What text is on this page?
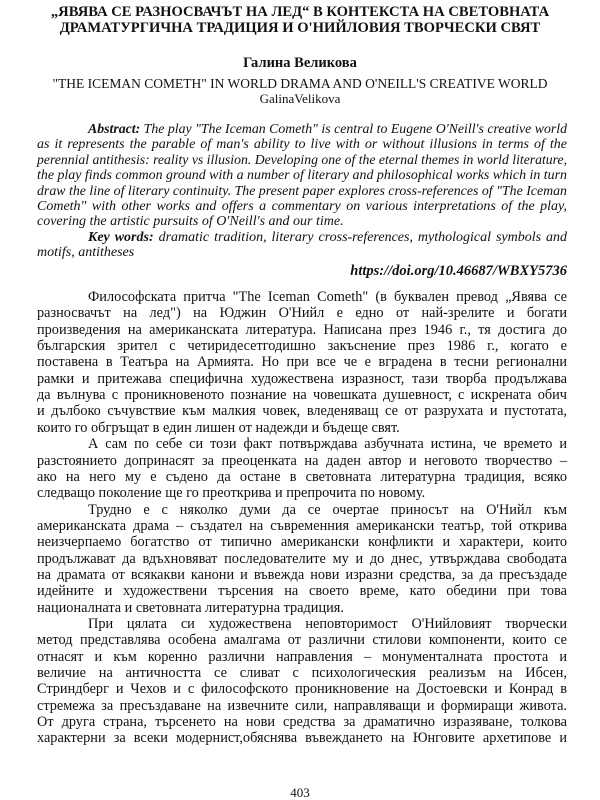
„ЯВЯВА СЕ РАЗНОСВАЧЪТ НА ЛЕД“ В КОНТЕКСТА НА СВЕТОВНАТА
ДРАМАТУРГИЧНА ТРАДИЦИЯ И О'НИЙЛОВИЯ ТВОРЧЕСКИ СВЯТ
Галина Великова
"THE ICEMAN COMETH" IN WORLD DRAMA AND O'NEILL'S CREATIVE WORLD
GalinaVelikova
Abstract: The play "The Iceman Cometh" is central to Eugene O'Neill's creative world
as it represents the parable of man's ability to live with or without illusions in terms of the
perennial antithesis: reality vs illusion. Developing one of the eternal themes in world literature,
the play finds common ground with a number of literary and philosophical works which in turn
draw the line of literary continuity. The present paper explores cross-references of "The Iceman
Cometh" with other works and offers a commentary on various interpretations of the play,
covering the artistic pursuits of O'Neill's and our time.
Key words: dramatic tradition, literary cross-references, mythological symbols and
motifs, antitheses
https://doi.org/10.46687/WBXY5736
Философската притча "The Iceman Cometh" (в буквален превод „Явява се
разносвачът на лед") на Юджин О'Нийл е едно от най-зрелите и богати
произведения на американската литература. Написана през 1946 г., тя достига до
българския зрител с четиридесетгодишно закъснение през 1986 г., когато е
поставена в Театъра на Армията. Но при все че е вградена в тесни регионални
рамки и притежава специфична художествена изразност, тази творба продължава
да вълнува с проникновеното познание на човешката душевност, с искрената обич
и дълбоко съчувствие към малкия човек, вледеняващ се от разрухата и пустотата,
които го обгръщат в един лишен от надежди и бъдеще свят.
А сам по себе си този факт потвърждава азбучната истина, че времето и
разстоянието допринасят за преоценката на даден автор и неговото творчество –
ако на него му е съдено да остане в световната литературна традиция, всяко
следващо поколение ще го преоткрива и препрочита по новому.
Трудно е с няколко думи да се очертае приносът на О'Нийл към
американската драма – създател на съвременния американски театър, той открива
неизчерпаемо богатство от типично американски конфликти и характери, които
продължават да вдъхновяват последователите му и до днес, утвърждава свободата
на драмата от всякакви канони и въвежда нови изразни средства, за да пресъздаде
идейните и художествени търсения на своето време, като обедини при това
националната и световната литературна традиция.
При цялата си художествена неповторимост О'Нийловият творчески
метод представлява особена амалгама от различни стилови компоненти, които се
отнасят и към коренно различни направления – монументалната простота и
величие на античността се сливат с психологическия реализъм на Ибсен,
Стриндберг и Чехов и с философското проникновение на Достоевски и Конрад в
стремежа за пресъздаване на извечните сили, направляващи и формиращи живота.
От друга страна, търсенето на нови средства за драматично изразяване, толкова
характерни за всеки модернист,обяснява въвеждането на Юнговите архетипове и
403
